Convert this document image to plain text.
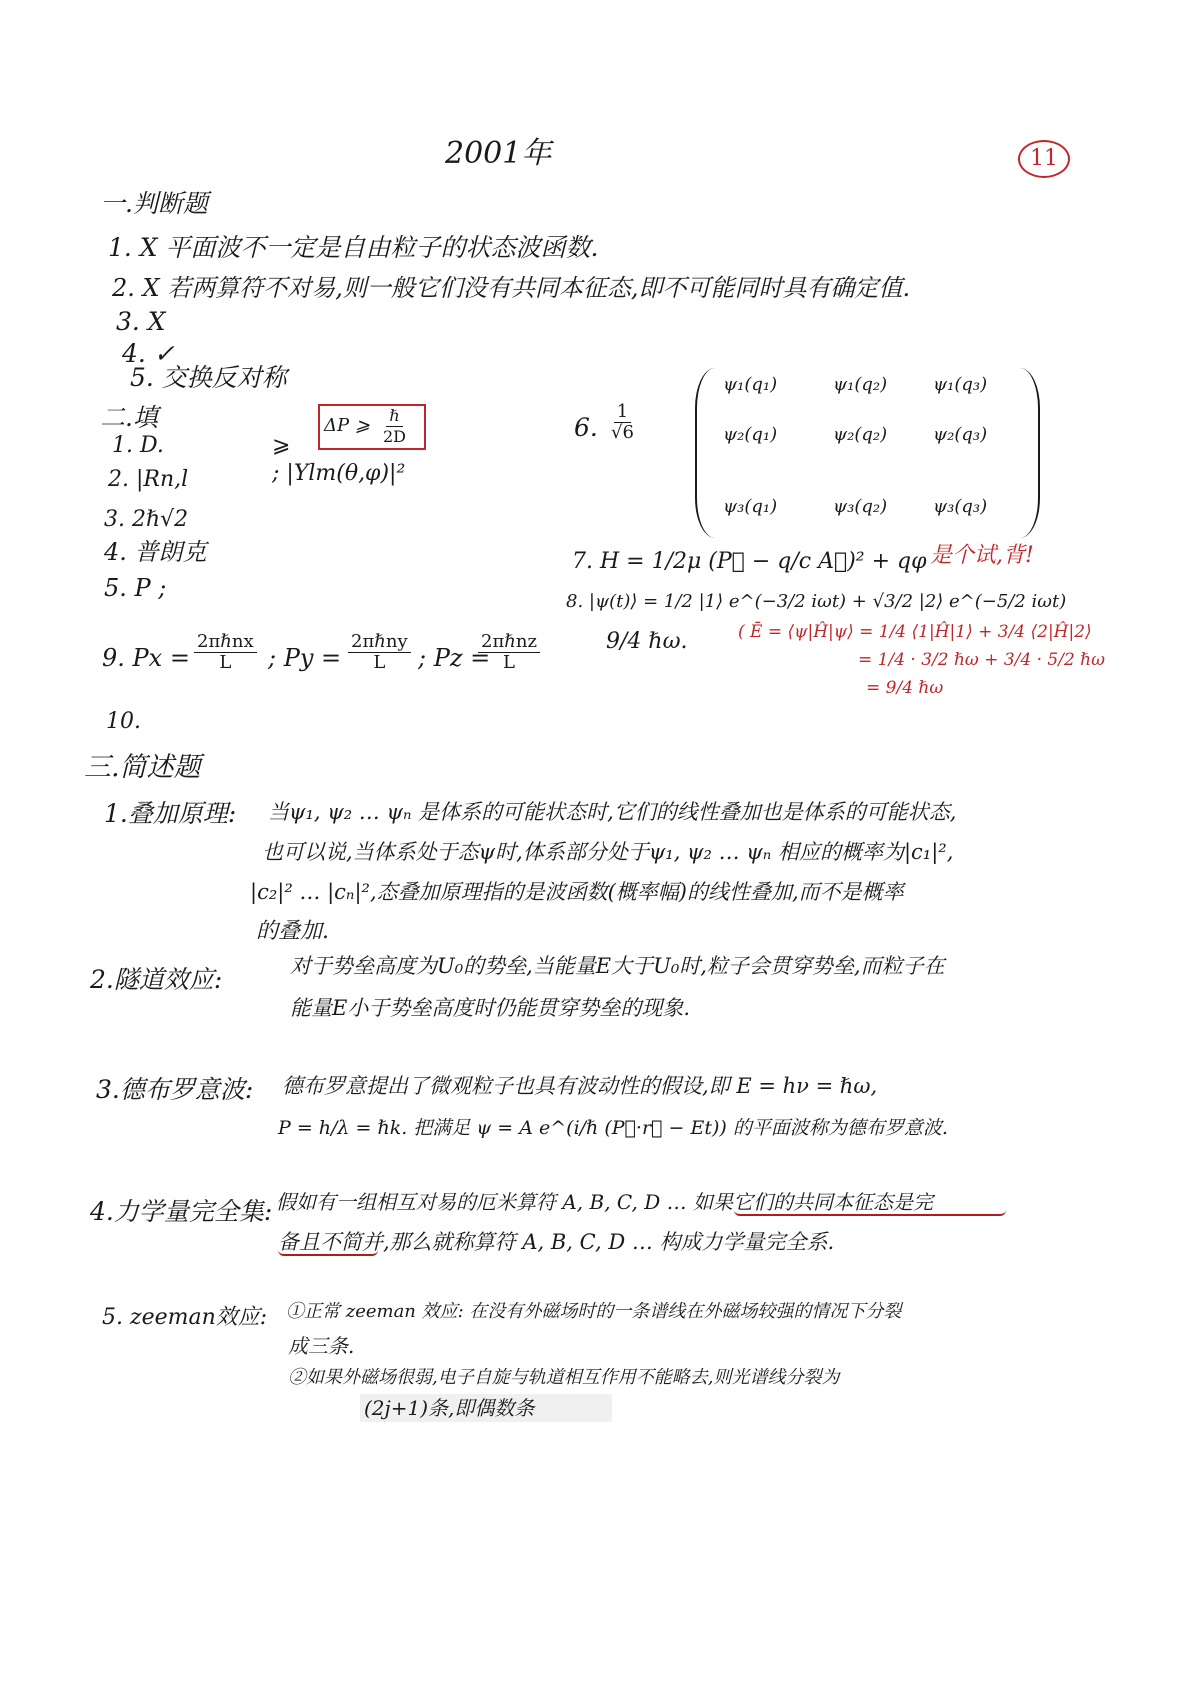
2001年	11
一.判断题
1. X 平面波不一定是自由粒子的状态波函数.
2. X 若两算符不对易,则一般它们没有共同本征态,即不可能同时具有确定值.
3. X
4. ✓
5. 交换反对称
二.填
1. D.	⩾
ΔP ⩾ ℏ
2D
2. |Rn,l	; |Ylm(θ,φ)|²
3. 2ℏ√2
4. 普朗克
5. P ;
6. $\frac{1}{√6}$
ψ₁(q₁)	ψ₁(q₂)	ψ₁(q₃)
ψ₂(q₁)	ψ₂(q₂)	ψ₂(q₃)
ψ₃(q₁)	ψ₃(q₂)	ψ₃(q₃)
7. H = 1/2μ (P⃗ − q/c A⃗)² + qφ 是个试,背!
8. |ψ(t)⟩ = 1/2 |1⟩ e^(−3/2 iωt) + √3/2 |2⟩ e^(−5/2 iωt)
9/4 ℏω.	( Ē = ⟨ψ|Ĥ|ψ⟩ = 1/4 ⟨1|Ĥ|1⟩ + 3/4 ⟨2|Ĥ|2⟩
= 1/4 · 3/2 ℏω + 3/4 · 5/2 ℏω
= 9/4 ℏω
9. Px =
2πℏnx
L ; Py =
2πℏny
L ; Pz =
2πℏnz
L
10.
三.简述题
1.叠加原理: 当ψ₁, ψ₂ … ψₙ 是体系的可能状态时,它们的线性叠加也是体系的可能状态,
也可以说,当体系处于态ψ时,体系部分处于ψ₁, ψ₂ … ψₙ 相应的概率为|c₁|²,
|c₂|² … |cₙ|²,态叠加原理指的是波函数(概率幅)的线性叠加,而不是概率
的叠加.
2.隧道效应:	对于势垒高度为U₀的势垒,当能量E大于U₀时,粒子会贯穿势垒,而粒子在
能量E小于势垒高度时仍能贯穿势垒的现象.
3.德布罗意波: 德布罗意提出了微观粒子也具有波动性的假设,即 E = hν = ℏω,
P = h/λ = ℏk. 把满足 ψ = A e^(i/ℏ (P⃗·r⃗ − Et)) 的平面波称为德布罗意波.
4.力学量完全集: 假如有一组相互对易的厄米算符 A, B, C, D … 如果它们的共同本征态是完
备且不简并,那么就称算符 A, B, C, D … 构成力学量完全系.
5. zeeman效应: ①正常 zeeman 效应: 在没有外磁场时的一条谱线在外磁场较强的情况下分裂
成三条.
②如果外磁场很弱,电子自旋与轨道相互作用不能略去,则光谱线分裂为
(2j+1)条,即偶数条
